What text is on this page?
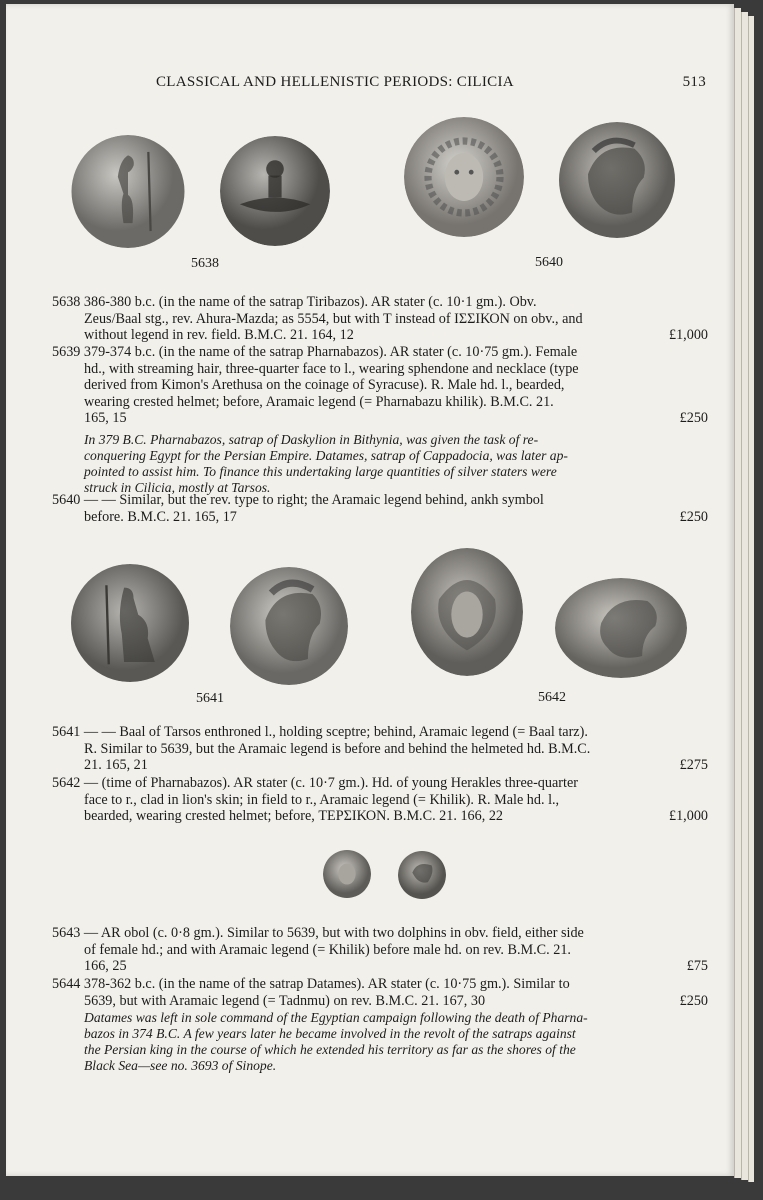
CLASSICAL AND HELLENISTIC PERIODS: CILICIA	513
5638	5640
5638 386-380 b.c. (in the name of the satrap Tiribazos). AR stater (c. 10·1 gm.). Obv.
Zeus/Baal stg., rev. Ahura-Mazda; as 5554, but with T instead of ΙΣΣΙΚΟΝ on obv., and
without legend in rev. field. B.M.C. 21. 164, 12	£1,000
5639 379-374 b.c. (in the name of the satrap Pharnabazos). AR stater (c. 10·75 gm.). Female
hd., with streaming hair, three-quarter face to l., wearing sphendone and necklace (type
derived from Kimon's Arethusa on the coinage of Syracuse). R. Male hd. l., bearded,
wearing crested helmet; before, Aramaic legend (= Pharnabazu khilik). B.M.C. 21.
165, 15	£250
In 379 B.C. Pharnabazos, satrap of Daskylion in Bithynia, was given the task of re-
conquering Egypt for the Persian Empire. Datames, satrap of Cappadocia, was later ap-
pointed to assist him. To finance this undertaking large quantities of silver staters were
struck in Cilicia, mostly at Tarsos.
5640 — — Similar, but the rev. type to right; the Aramaic legend behind, ankh symbol
before. B.M.C. 21. 165, 17	£250
5641	5642
5641 — — Baal of Tarsos enthroned l., holding sceptre; behind, Aramaic legend (= Baal tarz).
R. Similar to 5639, but the Aramaic legend is before and behind the helmeted hd. B.M.C.
21. 165, 21	£275
5642 — (time of Pharnabazos). AR stater (c. 10·7 gm.). Hd. of young Herakles three-quarter
face to r., clad in lion's skin; in field to r., Aramaic legend (= Khilik). R. Male hd. l.,
bearded, wearing crested helmet; before, ΤΕΡΣΙΚΟΝ. B.M.C. 21. 166, 22	£1,000
5643 — AR obol (c. 0·8 gm.). Similar to 5639, but with two dolphins in obv. field, either side
of female hd.; and with Aramaic legend (= Khilik) before male hd. on rev. B.M.C. 21.
166, 25	£75
5644 378-362 b.c. (in the name of the satrap Datames). AR stater (c. 10·75 gm.). Similar to
5639, but with Aramaic legend (= Tadnmu) on rev. B.M.C. 21. 167, 30	£250
Datames was left in sole command of the Egyptian campaign following the death of Pharna-
bazos in 374 B.C. A few years later he became involved in the revolt of the satraps against
the Persian king in the course of which he extended his territory as far as the shores of the
Black Sea—see no. 3693 of Sinope.
